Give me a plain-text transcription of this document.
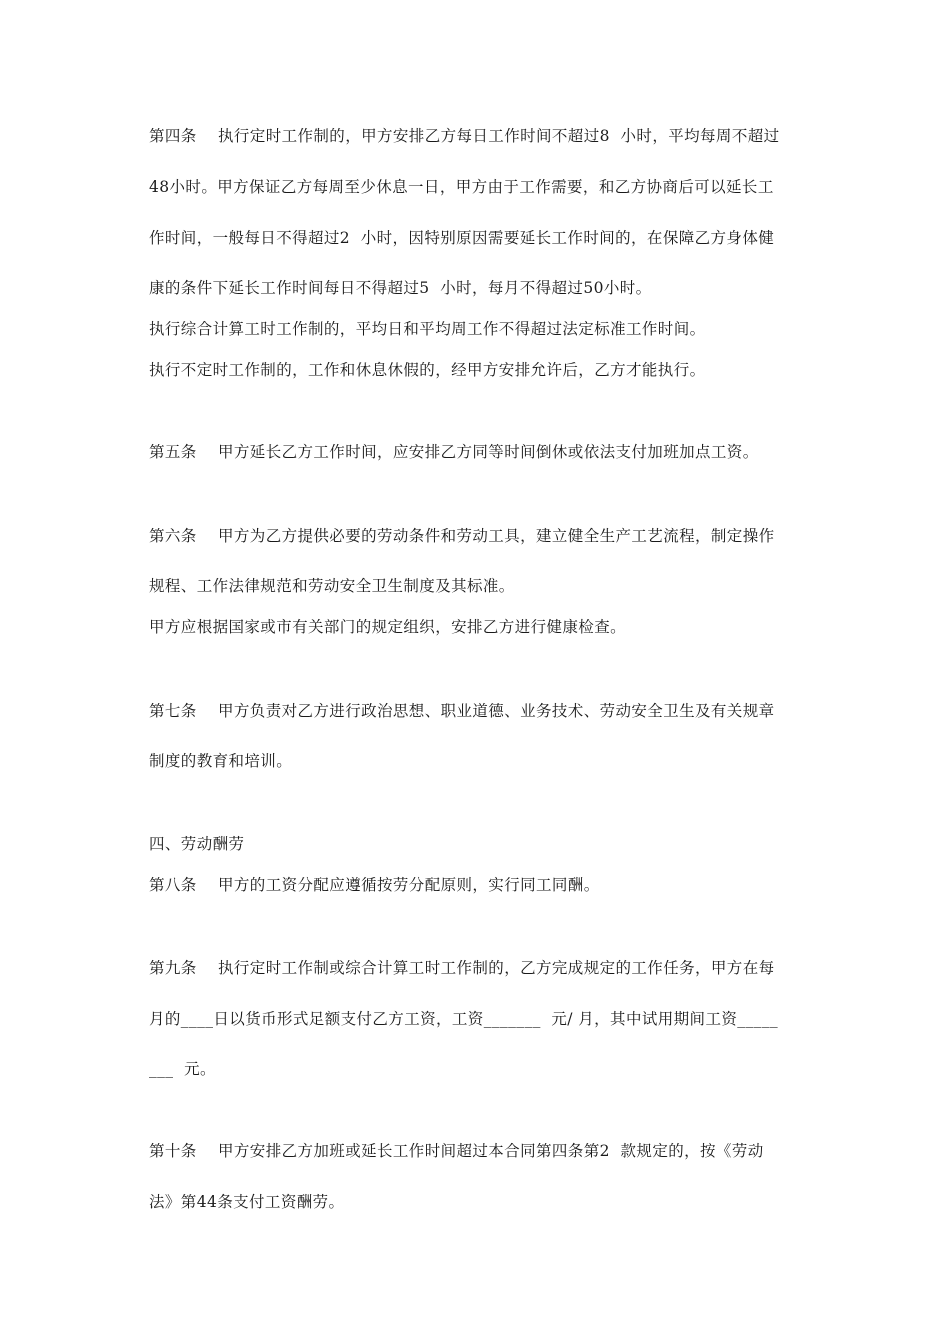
第四条    执行定时工作制的，甲方安排乙方每日工作时间不超过8  小时，平均每周不超过
48小时。甲方保证乙方每周至少休息一日，甲方由于工作需要，和乙方协商后可以延长工
作时间，一般每日不得超过2  小时，因特别原因需要延长工作时间的，在保障乙方身体健
康的条件下延长工作时间每日不得超过5  小时，每月不得超过50小时。
执行综合计算工时工作制的，平均日和平均周工作不得超过法定标准工作时间。
执行不定时工作制的，工作和休息休假的，经甲方安排允许后，乙方才能执行。
第五条    甲方延长乙方工作时间，应安排乙方同等时间倒休或依法支付加班加点工资。
第六条    甲方为乙方提供必要的劳动条件和劳动工具，建立健全生产工艺流程，制定操作
规程、工作法律规范和劳动安全卫生制度及其标准。
甲方应根据国家或市有关部门的规定组织，安排乙方进行健康检查。
第七条    甲方负责对乙方进行政治思想、职业道德、业务技术、劳动安全卫生及有关规章
制度的教育和培训。
四、劳动酬劳
第八条    甲方的工资分配应遵循按劳分配原则，实行同工同酬。
第九条    执行定时工作制或综合计算工时工作制的，乙方完成规定的工作任务，甲方在每
月的____日以货币形式足额支付乙方工资，工资_______  元/ 月，其中试用期间工资_____
___  元。
第十条    甲方安排乙方加班或延长工作时间超过本合同第四条第2  款规定的，按《劳动
法》第44条支付工资酬劳。
